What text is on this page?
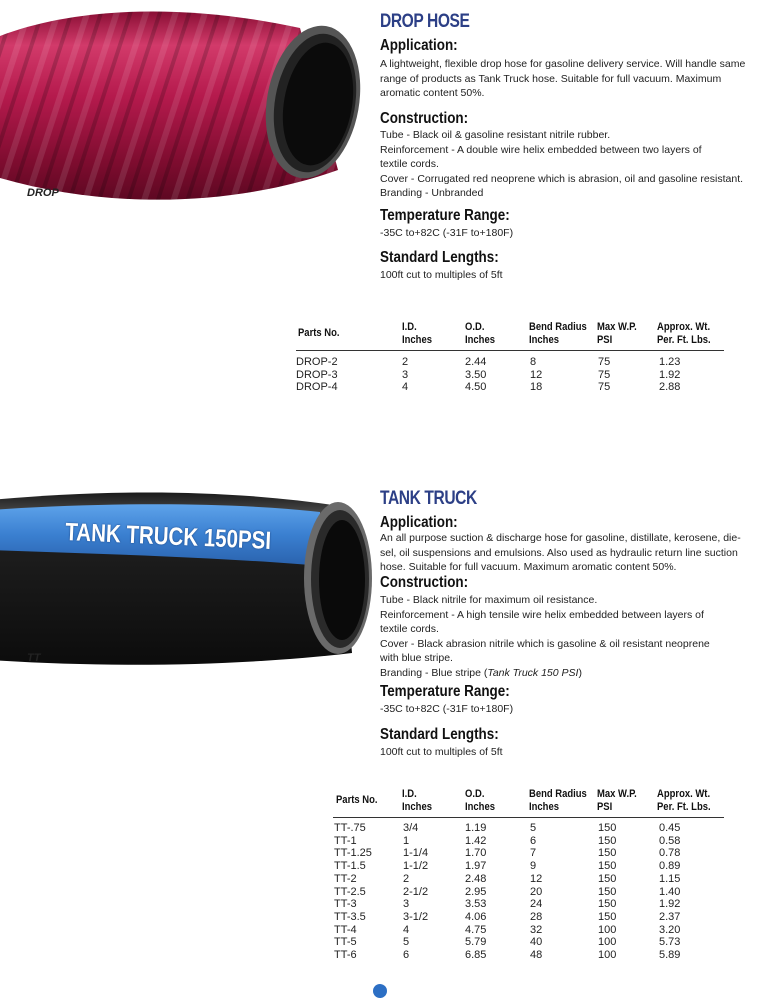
DROP
DROP HOSE
Application:
A lightweight, flexible drop hose for gasoline delivery service. Will handle same
range of products as Tank Truck hose. Suitable for full vacuum. Maximum
aromatic content 50%.
Construction:
Tube - Black oil & gasoline resistant nitrile rubber.
Reinforcement - A double wire helix embedded between two layers of
textile cords.
Cover - Corrugated red neoprene which is abrasion, oil and gasoline resistant.
Branding - Unbranded
Temperature Range:
-35C to+82C (-31F to+180F)
Standard Lengths:
100ft cut to multiples of 5ft
Parts No.	I.D.
Inches
O.D.
Inches
Bend Radius
Inches
Max W.P.
PSI
Approx. Wt.
Per. Ft. Lbs.
DROP-2	2	2.44	8	75	1.23
DROP-3	3	3.50	12	75	1.92
DROP-4	4	4.50	18	75	2.88
TANK TRUCK 150PSI
TT
TANK TRUCK
Application:
An all purpose suction & discharge hose for gasoline, distillate, kerosene, die-
sel, oil suspensions and emulsions. Also used as hydraulic return line suction
hose. Suitable for full vacuum. Maximum aromatic content 50%.
Construction:
Tube - Black nitrile for maximum oil resistance.
Reinforcement - A high tensile wire helix embedded between layers of
textile cords.
Cover - Black abrasion nitrile which is gasoline & oil resistant neoprene
with blue stripe.
Branding - Blue stripe (Tank Truck 150 PSI)
Temperature Range:
-35C to+82C (-31F to+180F)
Standard Lengths:
100ft cut to multiples of 5ft
Parts No. I.D.
Inches
O.D.
Inches
Bend Radius
Inches
Max W.P.
PSI
Approx. Wt.
Per. Ft. Lbs.
TT-.75	3/4	1.19	5	150	0.45
TT-1	1	1.42	6	150	0.58
TT-1.25	1-1/4	1.70	7	150	0.78
TT-1.5	1-1/2	1.97	9	150	0.89
TT-2	2	2.48	12	150	1.15
TT-2.5	2-1/2	2.95	20	150	1.40
TT-3	3	3.53	24	150	1.92
TT-3.5	3-1/2	4.06	28	150	2.37
TT-4	4	4.75	32	100	3.20
TT-5	5	5.79	40	100	5.73
TT-6	6	6.85	48	100	5.89
